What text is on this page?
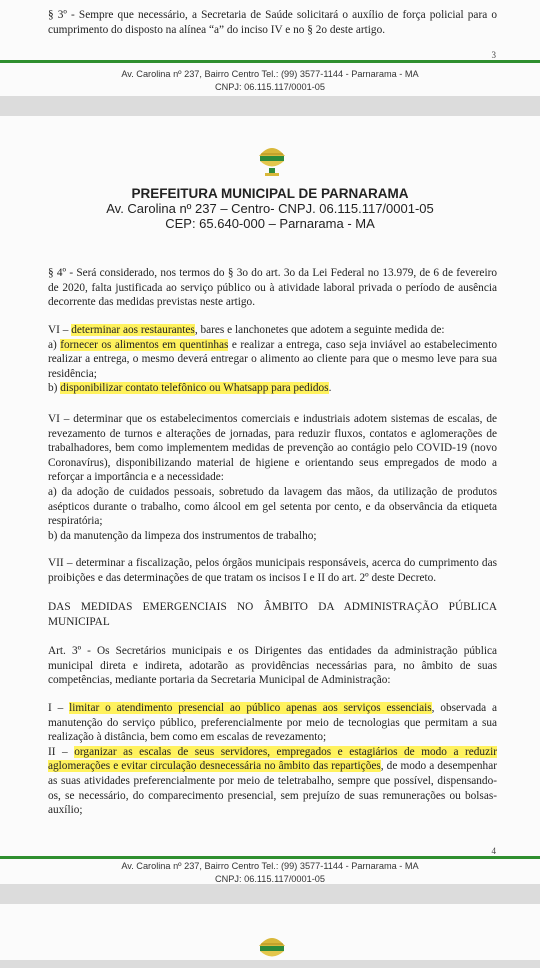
§ 3º - Sempre que necessário, a Secretaria de Saúde solicitará o auxílio de força policial para o cumprimento do disposto na alínea “a” do inciso IV e no § 2o deste artigo.
3
Av. Carolina nº 237, Bairro Centro Tel.: (99) 3577-1144 - Parnarama - MA
CNPJ: 06.115.117/0001-05
PREFEITURA MUNICIPAL DE PARNARAMA
Av. Carolina nº 237 – Centro- CNPJ. 06.115.117/0001-05
CEP: 65.640-000 – Parnarama - MA
§ 4º - Será considerado, nos termos do § 3o do art. 3o da Lei Federal no 13.979, de 6 de fevereiro de 2020, falta justificada ao serviço público ou à atividade laboral privada o período de ausência decorrente das medidas previstas neste artigo.
VI – determinar aos restaurantes, bares e lanchonetes que adotem a seguinte medida de:
a) fornecer os alimentos em quentinhas e realizar a entrega, caso seja inviável ao estabelecimento realizar a entrega, o mesmo deverá entregar o alimento ao cliente para que o mesmo leve para sua residência;
b) disponibilizar contato telefônico ou Whatsapp para pedidos.
VI – determinar que os estabelecimentos comerciais e industriais adotem sistemas de escalas, de revezamento de turnos e alterações de jornadas, para reduzir fluxos, contatos e aglomerações de trabalhadores, bem como implementem medidas de prevenção ao contágio pelo COVID-19 (novo Coronavírus), disponibilizando material de higiene e orientando seus empregados de modo a reforçar a importância e a necessidade:
a) da adoção de cuidados pessoais, sobretudo da lavagem das mãos, da utilização de produtos asépticos durante o trabalho, como álcool em gel setenta por cento, e da observância da etiqueta respiratória;
b) da manutenção da limpeza dos instrumentos de trabalho;
VII – determinar a fiscalização, pelos órgãos municipais responsáveis, acerca do cumprimento das proibições e das determinações de que tratam os incisos I e II do art. 2º deste Decreto.
DAS MEDIDAS EMERGENCIAIS NO ÂMBITO DA ADMINISTRAÇÃO PÚBLICA MUNICIPAL
Art. 3º - Os Secretários municipais e os Dirigentes das entidades da administração pública municipal direta e indireta, adotarão as providências necessárias para, no âmbito de suas competências, mediante portaria da Secretaria Municipal de Administração:
I – limitar o atendimento presencial ao público apenas aos serviços essenciais, observada a manutenção do serviço público, preferencialmente por meio de tecnologias que permitam a sua realização à distância, bem como em escalas de revezamento;
II – organizar as escalas de seus servidores, empregados e estagiários de modo a reduzir aglomerações e evitar circulação desnecessária no âmbito das repartições, de modo a desempenhar as suas atividades preferencialmente por meio de teletrabalho, sempre que possível, dispensando-os, se necessário, do comparecimento presencial, sem prejuízo de suas remunerações ou bolsas-auxílio;
4
Av. Carolina nº 237, Bairro Centro Tel.: (99) 3577-1144 - Parnarama - MA
CNPJ: 06.115.117/0001-05
